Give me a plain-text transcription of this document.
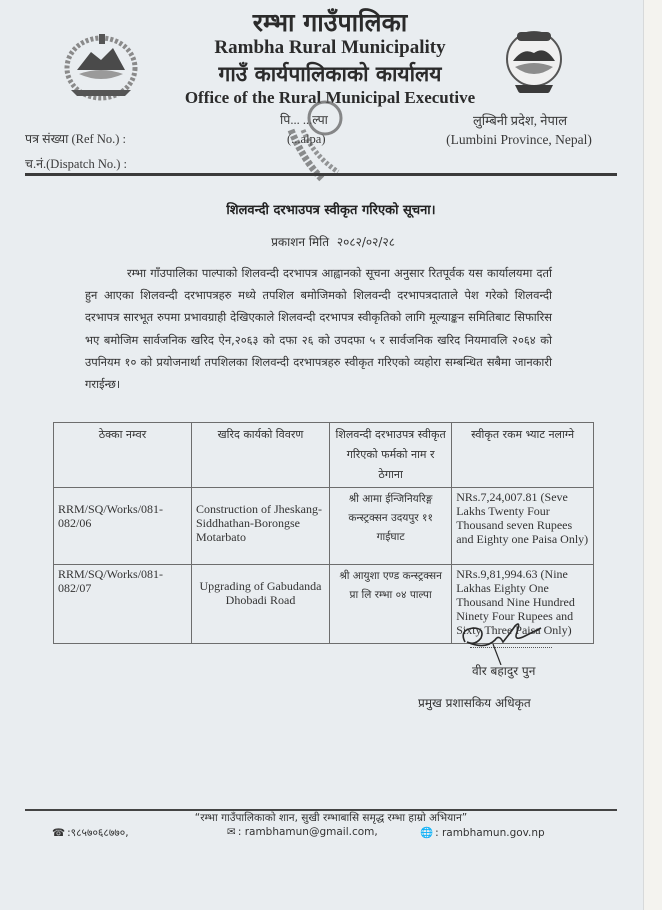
रम्भा गाउँपालिका
Rambha Rural Municipality
गाउँ कार्यपालिकाको कार्यालय
Office of the Rural Municipal Executive
पत्र संख्या (Ref No.) :
च.नं.(Dispatch No.) :
पि... ...ल्पा
(...alpa)
लुम्बिनी प्रदेश, नेपाल
(Lumbini Province, Nepal)
शिलवन्दी दरभाउपत्र स्वीकृत गरिएको सूचना।
प्रकाशन मिति २०८२/०२/२८
रम्भा गाँउपालिका पाल्पाको शिलवन्दी दरभापत्र आह्वानको सूचना अनुसार रितपूर्वक यस कार्यालयमा दर्ता हुन आएका शिलवन्दी दरभापत्रहरु मध्ये तपशिल बमोजिमको शिलवन्दी दरभापत्रदाताले पेश गरेको शिलवन्दी दरभापत्र सारभूत रुपमा प्रभावग्राही देखिएकाले शिलवन्दी दरभापत्र स्वीकृतिको लागि मूल्याङ्कन समितिबाट सिफारिस भए बमोजिम सार्वजनिक खरिद ऐन,२०६३ को दफा २६ को उपदफा ५ र सार्वजनिक खरिद नियमावलि २०६४ को उपनियम १० को प्रयोजनार्था तपशिलका शिलवन्दी दरभापत्रहरु स्वीकृत गरिएको व्यहोरा सम्बन्धित सबैमा जानकारी गराईन्छ।
ठेक्का नम्वर	खरिद कार्यको विवरण	शिलवन्दी दरभाउपत्र स्वीकृत गरिएको फर्मको नाम र ठेगाना	स्वीकृत रकम भ्याट नलाग्ने
RRM/SQ/Works/081-082/06	Construction of Jheskang-Siddhathan-Borongse Motarbato	श्री आमा ईन्जिनियरिङ्ग कन्स्ट्रक्सन उदयपुर ११ गाईघाट	NRs.7,24,007.81 (Seve Lakhs Twenty Four Thousand seven Rupees and Eighty one Paisa Only)
RRM/SQ/Works/081-082/07	Upgrading of Gabudanda Dhobadi Road	श्री आयुशा एण्ड कन्स्ट्रक्सन प्रा लि रम्भा ०४ पाल्पा	NRs.9,81,994.63 (Nine Lakhas Eighty One Thousand Nine Hundred Ninety Four Rupees and Sixty Three Paisa Only)
वीर बहादुर पुन
प्रमुख प्रशासकिय अधिकृत
“रम्भा गाउँपालिकाको शान, सुखी रम्भाबासि समृद्ध रम्भा हाम्रो अभियान”
☎ :९८५७०६८७७०,	✉ : rambhamun@gmail.com,	🌐 : rambhamun.gov.np
